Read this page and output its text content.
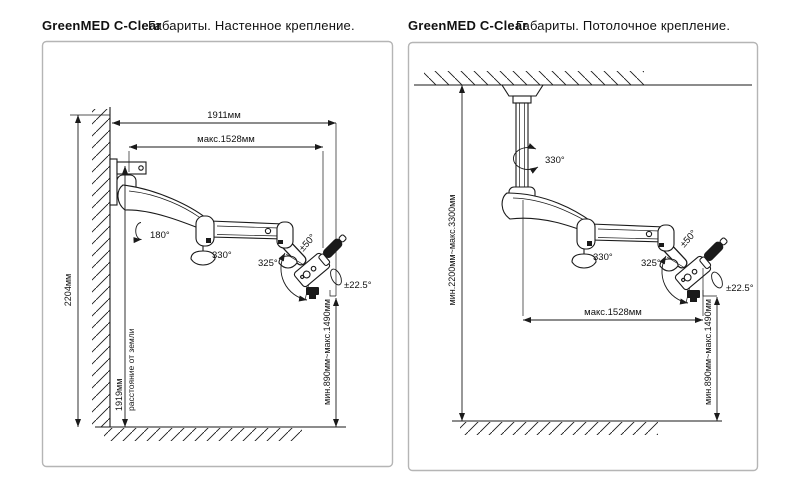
GreenMED C-Clear
Габариты. Настенное крепление.
180°
330°
325°
±50°
±22.5°
1911мм
макс.1528мм
2204мм
1919мм расстояние от земли	мин.890мм~макс.1490мм
GreenMED C-Clear
Габариты. Потолочное крепление.
330°
330°
325°
±50°
±22.5°
мин.2200мм~макс.3300мм
макс.1528мм	мин.890мм~макс.1490мм
